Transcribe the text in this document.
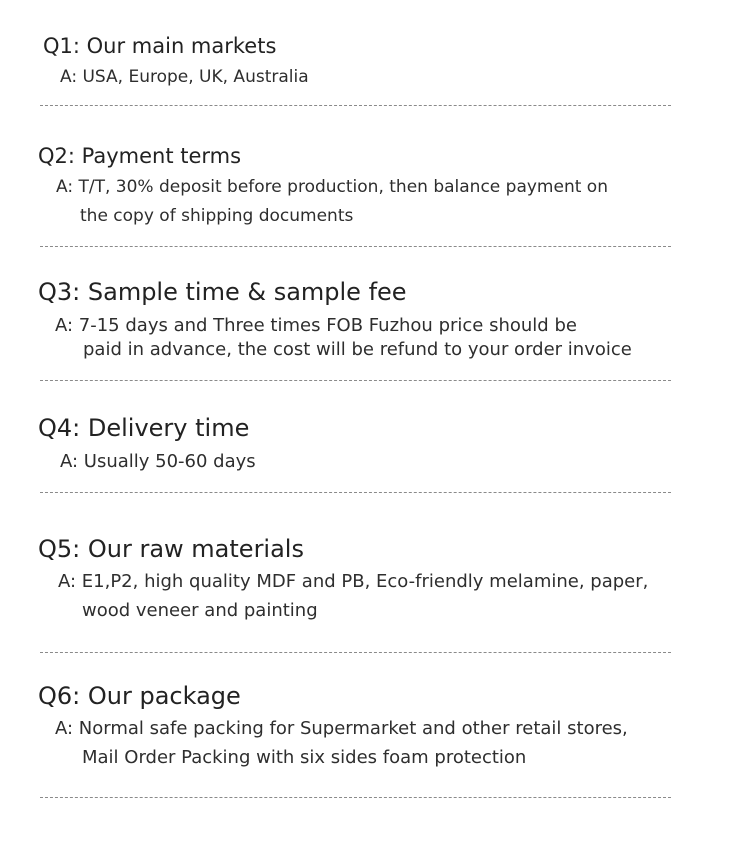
Q1: Our main markets

A: USA, Europe, UK, Australia

Q2: Payment terms

A: T/T, 30% deposit before production, then balance payment on

the copy of shipping documents

Q3: Sample time & sample fee

A: 7-15 days and Three times FOB Fuzhou price should be

paid in advance, the cost will be refund to your order invoice

Q4: Delivery time

A: Usually 50-60 days

Q5: Our raw materials

A: E1,P2, high quality MDF and PB, Eco-friendly melamine, paper,

wood veneer and painting

Q6: Our package

A: Normal safe packing for Supermarket and other retail stores,

Mail Order Packing with six sides foam protection
